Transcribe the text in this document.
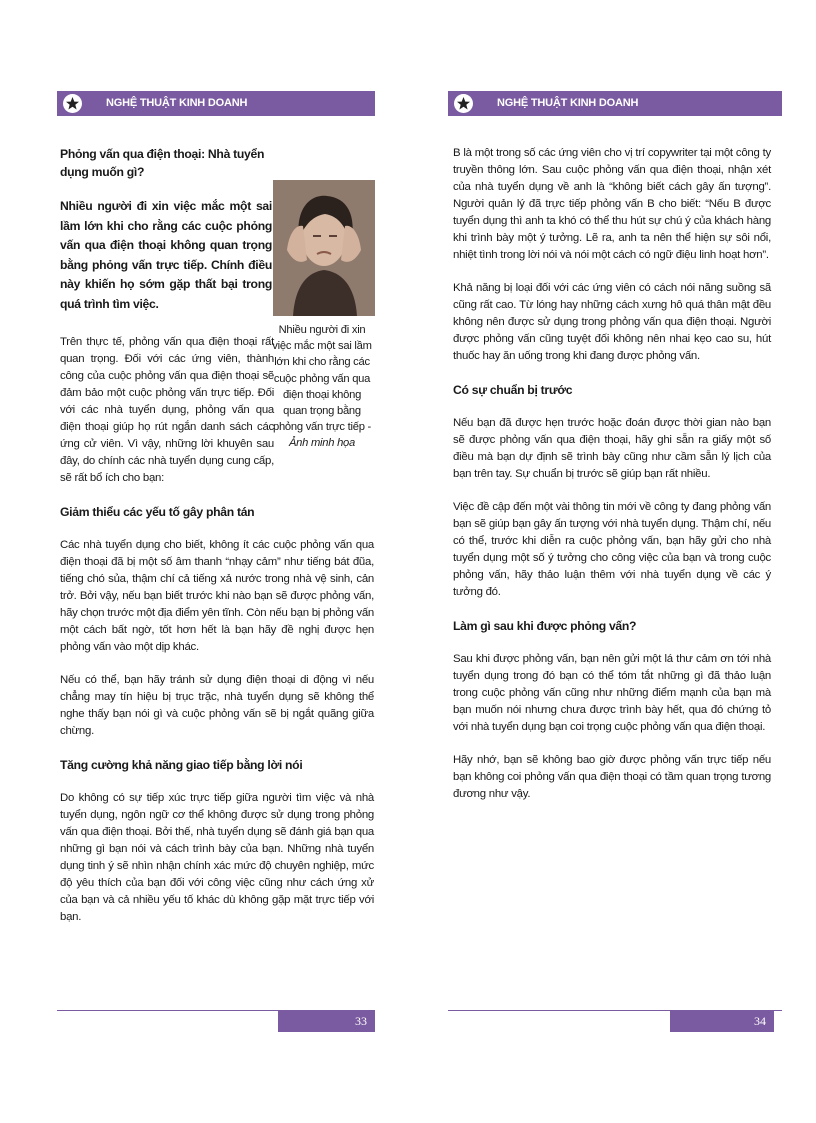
NGHỆ THUẬT KINH DOANH
Phỏng vấn qua điện thoại: Nhà tuyển dụng muốn gì?

Nhiều người đi xin việc mắc một sai lầm lớn khi cho rằng các cuộc phỏng vấn qua điện thoại không quan trọng bằng phỏng vấn trực tiếp. Chính điều này khiến họ sớm gặp thất bại trong quá trình tìm việc.

Trên thực tế, phỏng vấn qua điện thoại rất quan trọng. Đối với các ứng viên, thành công của cuộc phỏng vấn qua điện thoại sẽ đảm bảo một cuộc phỏng vấn trực tiếp. Đối với các nhà tuyển dụng, phỏng vấn qua điện thoại giúp họ rút ngắn danh sách các ứng cử viên. Vì vậy, những lời khuyên sau đây, do chính các nhà tuyển dụng cung cấp, sẽ rất bổ ích cho bạn:

Giảm thiểu các yếu tố gây phân tán

Các nhà tuyển dụng cho biết, không ít các cuộc phỏng vấn qua điện thoại đã bị một số âm thanh “nhạy cảm” như tiếng bát đũa, tiếng chó sủa, thậm chí cả tiếng xả nước trong nhà vệ sinh, cản trở. Bởi vậy, nếu bạn biết trước khi nào bạn sẽ được phỏng vấn, hãy chọn trước một địa điểm yên tĩnh. Còn nếu bạn bị phỏng vấn một cách bất ngờ, tốt hơn hết là bạn hãy đề nghị được hẹn phỏng vấn vào một dịp khác.

Nếu có thể, bạn hãy tránh sử dụng điện thoại di động vì nếu chẳng may tín hiệu bị trục trặc, nhà tuyển dụng sẽ không thể nghe thấy bạn nói gì và cuộc phỏng vấn sẽ bị ngắt quãng giữa chừng.

Tăng cường khả năng giao tiếp bằng lời nói

Do không có sự tiếp xúc trực tiếp giữa người tìm việc và nhà tuyển dụng, ngôn ngữ cơ thể không được sử dụng trong phỏng vấn qua điện thoại. Bởi thế, nhà tuyển dụng sẽ đánh giá bạn qua những gì bạn nói và cách trình bày của bạn. Những nhà tuyển dụng tinh ý sẽ nhìn nhận chính xác mức độ chuyên nghiệp, mức độ yêu thích của bạn đối với công việc cũng như cách ứng xử của bạn và cả nhiều yếu tố khác dù không gặp mặt trực tiếp với bạn.

Nhiều người đi xin việc mắc một sai lầm lớn khi cho rằng các cuộc phỏng vấn qua điện thoại không quan trọng bằng phỏng vấn trực tiếp - Ảnh minh họa
33
NGHỆ THUẬT KINH DOANH

B là một trong số các ứng viên cho vị trí copywriter tại một công ty truyền thông lớn. Sau cuộc phỏng vấn qua điện thoại, nhận xét của nhà tuyển dụng về anh là “không biết cách gây ấn tượng”. Người quản lý đã trực tiếp phỏng vấn B cho biết: “Nếu B được tuyển dụng thì anh ta khó có thể thu hút sự chú ý của khách hàng khi trình bày một ý tưởng. Lẽ ra, anh ta nên thể hiện sự sôi nổi, nhiệt tình trong lời nói và nói một cách có ngữ điệu linh hoạt hơn”.

Khả năng bị loại đối với các ứng viên có cách nói năng suồng sã cũng rất cao. Từ lóng hay những cách xưng hô quá thân mật đều không nên được sử dụng trong phỏng vấn qua điện thoại. Người được phỏng vấn cũng tuyệt đối không nên nhai kẹo cao su, hút thuốc hay ăn uống trong khi đang được phỏng vấn.

Có sự chuẩn bị trước

Nếu bạn đã được hẹn trước hoặc đoán được thời gian nào bạn sẽ được phỏng vấn qua điện thoại, hãy ghi sẵn ra giấy một số điều mà bạn dự định sẽ trình bày cũng như cầm sẵn lý lịch của bạn trên tay. Sự chuẩn bị trước sẽ giúp bạn rất nhiều.

Việc đề cập đến một vài thông tin mới về công ty đang phỏng vấn bạn sẽ giúp bạn gây ấn tượng với nhà tuyển dụng. Thậm chí, nếu có thể, trước khi diễn ra cuộc phỏng vấn, bạn hãy gửi cho nhà tuyển dụng một số ý tưởng cho công việc của bạn và trong cuộc phỏng vấn, hãy thảo luận thêm với nhà tuyển dụng về các ý tưởng đó.

Làm gì sau khi được phỏng vấn?

Sau khi được phỏng vấn, bạn nên gửi một lá thư cảm ơn tới nhà tuyển dụng trong đó bạn có thể tóm tắt những gì đã thảo luận trong cuộc phỏng vấn cũng như những điểm mạnh của bạn mà bạn muốn nói nhưng chưa được trình bày hết, qua đó chứng tỏ với nhà tuyển dụng bạn coi trọng cuộc phỏng vấn qua điện thoại.

Hãy nhớ, bạn sẽ không bao giờ được phỏng vấn trực tiếp nếu bạn không coi phỏng vấn qua điện thoại có tầm quan trọng tương đương như vậy.

34
